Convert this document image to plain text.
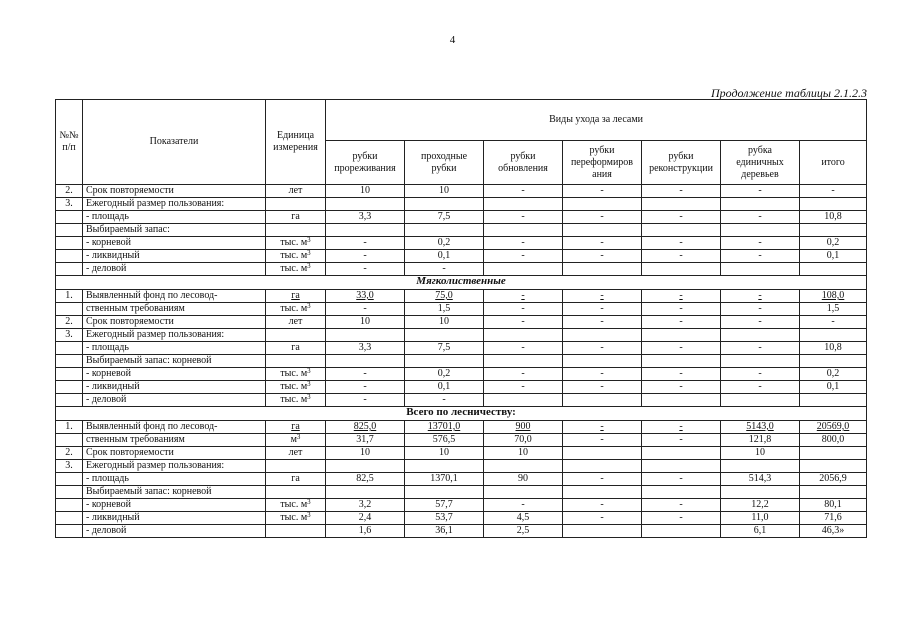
4
Продолжение таблицы 2.1.2.3
№№ п/п	Показатели	Единица измерения	Виды ухода за лесами						
			рубки прореживания	проходные рубки	рубки обновления	рубки переформиров ания	рубки реконструкции	рубка единичных деревьев	итого
2.	Срок повторяемости	лет	10	10	-	-	-	-	-
3.	Ежегодный размер пользования:								
	- площадь	га	3,3	7,5	-	-	-	-	10,8
	Выбираемый запас:								
	- корневой	тыс. $м^3$	-	0,2	-	-	-	-	0,2
	- ликвидный	тыс. $м^3$	-	0,1	-	-	-	-	0,1
	- деловой	тыс. $м^3$	-	-					
Мягколиственные									
1.	Выявленный фонд по лесовод-	га	33,0	75,0	-	-	-	-	108,0
	ственным требованиям	тыс. $м^3$	-	1,5	-	-	-	-	1,5
2.	Срок повторяемости	лет	10	10	-	-	-	-	-
3.	Ежегодный размер пользования:								
	- площадь	га	3,3	7,5	-	-	-	-	10,8
	Выбираемый запас: корневой								
	- корневой	тыс. $м^3$	-	0,2	-	-	-	-	0,2
	- ликвидный	тыс. $м^3$	-	0,1	-	-	-	-	0,1
	- деловой	тыс. $м^3$	-	-					
Всего по лесничеству:									
1.	Выявленный фонд по лесовод-	га	825,0	13701,0	900	-	-	5143,0	20569,0
	ственным требованиям	$м^3$	31,7	576,5	70,0	-	-	121,8	800,0
2.	Срок повторяемости	лет	10	10	10			10	
3.	Ежегодный размер пользования:								
	- площадь	га	82,5	1370,1	90	-	-	514,3	2056,9
	Выбираемый запас: корневой								
	- корневой	тыс. $м^3$	3,2	57,7	-	-	-	12,2	80,1
	- ликвидный	тыс. $м^3$	2,4	53,7	4,5	-	-	11,0	71,6
	- деловой		1,6	36,1	2,5			6,1	46,3»
